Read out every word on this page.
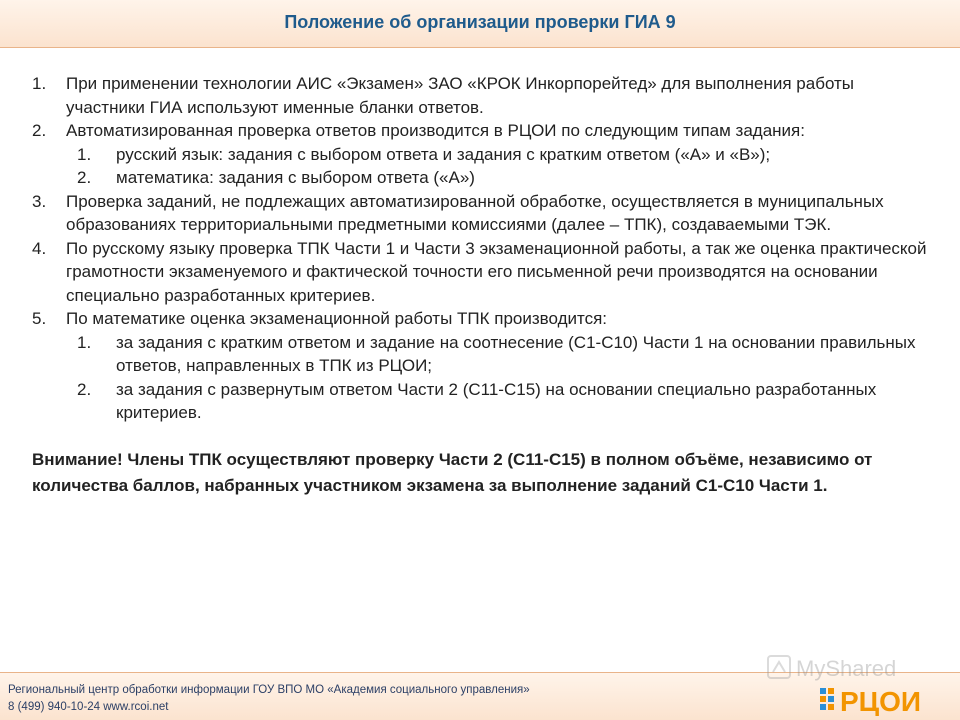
Положение об организации проверки ГИА 9
1. При применении технологии АИС «Экзамен» ЗАО «КРОК Инкорпорейтед» для выполнения работы участники ГИА используют именные бланки ответов.
2. Автоматизированная проверка ответов производится в РЦОИ по следующим типам задания:
1. русский язык: задания с выбором ответа и задания с кратким ответом («А» и «В»);
2. математика: задания с выбором ответа («А»)
3. Проверка заданий, не подлежащих автоматизированной обработке, осуществляется в муниципальных образованиях территориальными предметными комиссиями (далее – ТПК), создаваемыми ТЭК.
4. По русскому языку проверка ТПК Части 1 и Части 3 экзаменационной работы, а так же оценка практической грамотности экзаменуемого и фактической точности его письменной речи производятся на основании специально разработанных критериев.
5. По математике оценка экзаменационной работы ТПК производится:
1. за задания с кратким ответом и задание на соотнесение (С1-С10) Части 1 на основании правильных ответов, направленных в ТПК из РЦОИ;
2. за задания с развернутым ответом Части 2 (С11-С15) на основании специально разработанных критериев.
Внимание! Члены ТПК осуществляют проверку Части 2 (С11-С15) в полном объёме, независимо от количества баллов, набранных участником экзамена за выполнение заданий С1-С10 Части 1.
Региональный центр обработки информации ГОУ ВПО МО «Академия социального управления»
8 (499) 940-10-24 www.rcoi.net
MyShared
РЦОИ
